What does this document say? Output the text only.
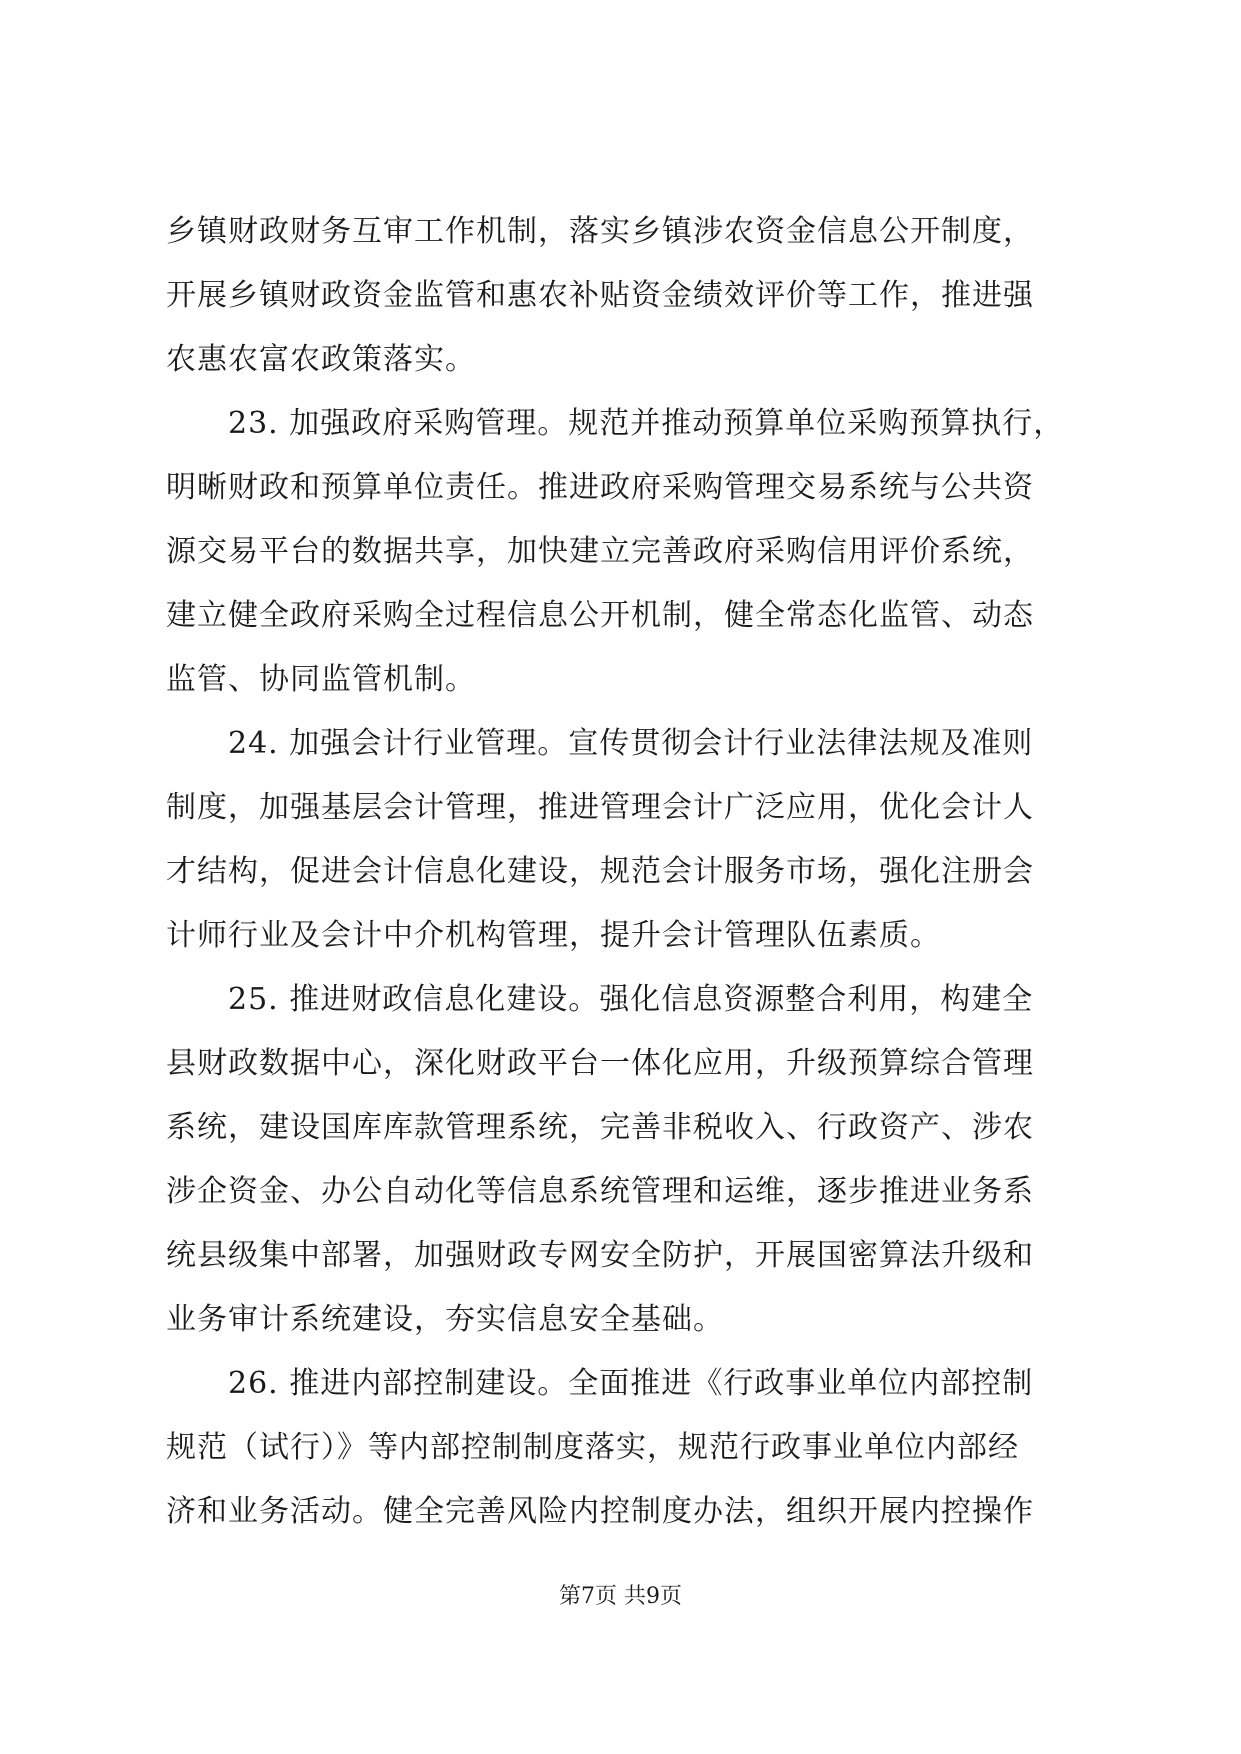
乡镇财政财务互审工作机制，落实乡镇涉农资金信息公开制度，
开展乡镇财政资金监管和惠农补贴资金绩效评价等工作，推进强
农惠农富农政策落实。
　　23. 加强政府采购管理。规范并推动预算单位采购预算执行，
明晰财政和预算单位责任。推进政府采购管理交易系统与公共资
源交易平台的数据共享，加快建立完善政府采购信用评价系统，
建立健全政府采购全过程信息公开机制，健全常态化监管、动态
监管、协同监管机制。
　　24. 加强会计行业管理。宣传贯彻会计行业法律法规及准则
制度，加强基层会计管理，推进管理会计广泛应用，优化会计人
才结构，促进会计信息化建设，规范会计服务市场，强化注册会
计师行业及会计中介机构管理，提升会计管理队伍素质。
　　25. 推进财政信息化建设。强化信息资源整合利用，构建全
县财政数据中心，深化财政平台一体化应用，升级预算综合管理
系统，建设国库库款管理系统，完善非税收入、行政资产、涉农
涉企资金、办公自动化等信息系统管理和运维，逐步推进业务系
统县级集中部署，加强财政专网安全防护，开展国密算法升级和
业务审计系统建设，夯实信息安全基础。
　　26. 推进内部控制建设。全面推进《行政事业单位内部控制
规范（试行）》等内部控制制度落实，规范行政事业单位内部经
济和业务活动。健全完善风险内控制度办法，组织开展内控操作
第7页 共9页
